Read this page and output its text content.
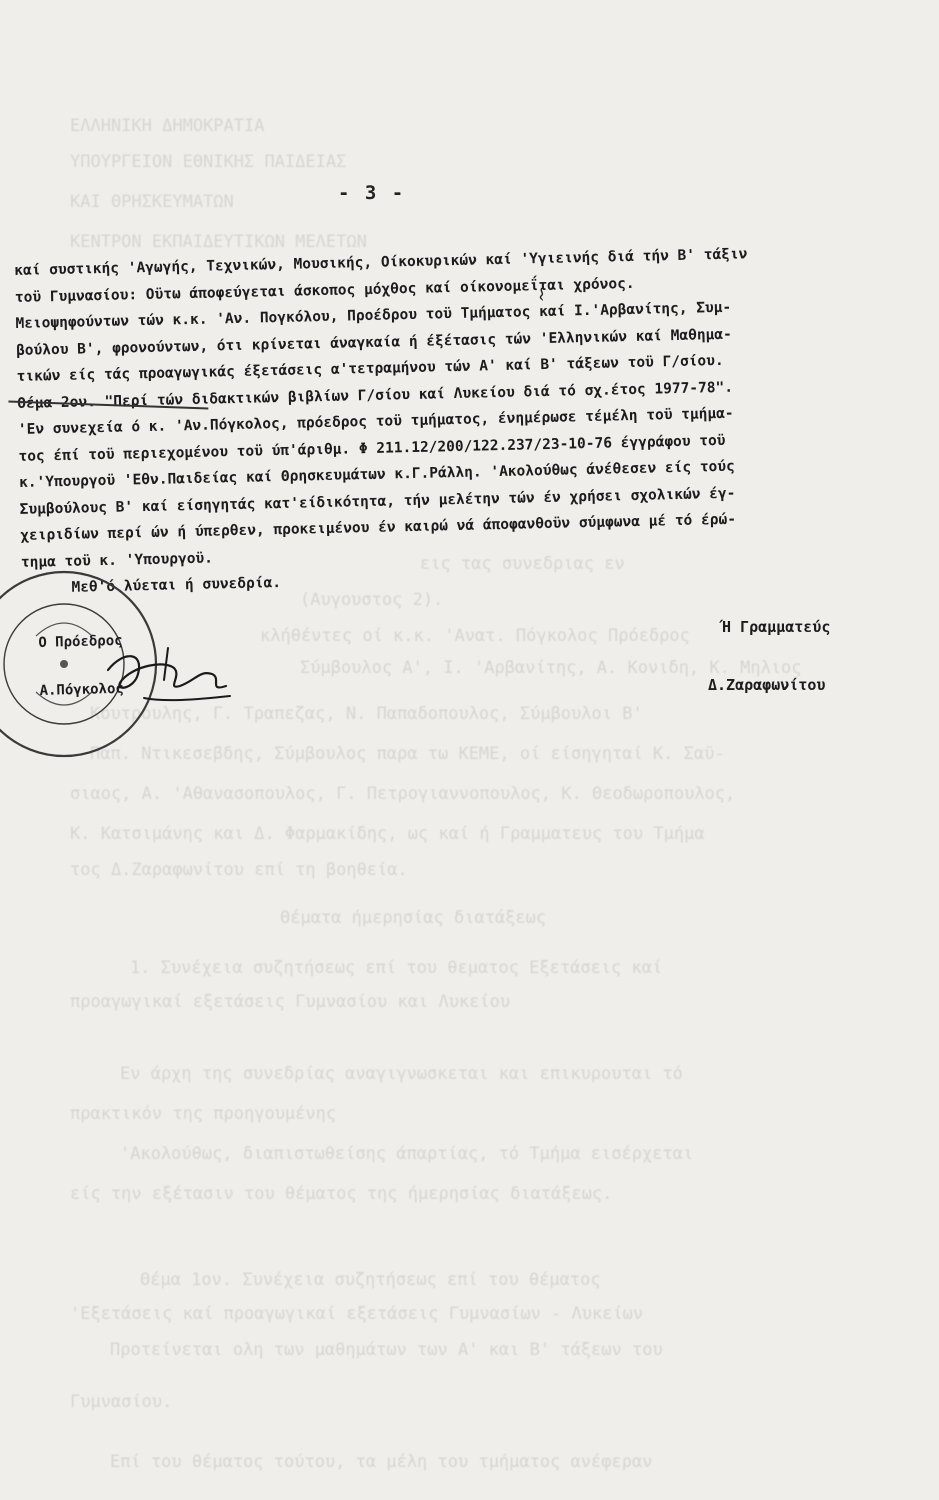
ΕΛΛΗΝΙΚΗ ΔΗΜΟΚΡΑΤΙΑ
ΥΠΟΥΡΓΕΙΟΝ ΕΘΝΙΚΗΣ ΠΑΙΔΕΙΑΣ
ΚΑΙ ΘΡΗΣΚΕΥΜΑΤΩΝ
ΚΕΝΤΡΟΝ ΕΚΠΑΙΔΕΥΤΙΚΩΝ ΜΕΛΕΤΩΝ
εις τας συνεδριας εν
(Αυγουστος 2).
κλήθέντες οί κ.κ. 'Ανατ. Πόγκολος Πρόεδρος
Σύμβουλος Α', Ι. 'Αρβανίτης, Α. Κονιδη, Κ. Μηλιος
Κουτρουλης, Γ. Τραπεζας, Ν. Παπαδοπουλος, Σύμβουλοι Β'
Παπ. Ντικεσεβδης, Σύμβουλος παρα τω ΚΕΜΕ, οί είσηγηταί Κ. Σαϋ-
σιαος, Α. 'Αθανασοπουλος, Γ. Πετρογιαννοπουλος, Κ. Θεοδωροπουλος,
Κ. Κατσιμάνης και Δ. Φαρμακίδης, ως καί ή Γραμματευς του Τμήμα
τος Δ.Ζαραφωνίτου επί τη βοηθεία.
Θέματα ήμερησίας διατάξεως
1. Συνέχεια συζητήσεως επί του θεματος Εξετάσεις καί
προαγωγικαί εξετάσεις Γυμνασίου και Λυκείου
Εν άρχη της συνεδρίας αναγιγνωσκεται και επικυρουται τό
πρακτικόν της προηγουμένης
'Ακολούθως, διαπιστωθείσης άπαρτίας, τό Τμήμα εισέρχεται
είς την εξέτασιν του θέματος της ήμερησίας διατάξεως.
Θέμα 1ον. Συνέχεια συζητήσεως επί του θέματος
'Εξετάσεις καί προαγωγικαί εξετάσεις Γυμνασίων - Λυκείων
Προτείνεται ολη των μαθημάτων των Α' και Β' τάξεων του
Γυμνασίου.
Επί του θέματος τούτου, τα μέλη του τμήματος ανέφεραν
- 3 -
καί συστικής 'Αγωγής, Τεχνικών, Μουσικής, Οίκοκυρικών καί 'Υγιεινής διά τήν Β' τάξιν
τοϋ Γυμνασίου: Οϋτω άποφεύγεται άσκοπος μόχθος καί οίκονομεΐται χρόνος.
Μειοψηφούντων τών κ.κ. 'Αν. Πογκόλου, Προέδρου τοϋ Τμήματος καί Ι.'Αρβανίτης, Συμ-
βούλου Β', φρονούντων, ότι κρίνεται άναγκαία ή έξέτασις τών 'Ελληνικών καί Μαθημα-
τικών είς τάς προαγωγικάς έξετάσεις α'τετραμήνου τών Α' καί Β' τάξεων τοϋ Γ/σίου.
Θέμα 2ον. "Περί τών διδακτικών βιβλίων Γ/σίου καί Λυκείου διά τό σχ.έτος 1977-78".
'Εν συνεχεία ό κ. 'Αν.Πόγκολος, πρόεδρος τοϋ τμήματος, ένημέρωσε τέμέλη τοϋ τμήμα-
τος έπί τοϋ περιεχομένου τοϋ ύπ'άριθμ. Φ 211.12/200/122.237/23-10-76 έγγράφου τοϋ
κ.'Υπουργοϋ 'Εθν.Παιδείας καί Θρησκευμάτων κ.Γ.Ράλλη. 'Ακολούθως άνέθεσεν είς τούς
Συμβούλους Β' καί είσηγητάς κατ'είδικότητα, τήν μελέτην τών έν χρήσει σχολικών έγ-
χειριδίων περί ών ή ύπερθεν, προκειμένου έν καιρώ νά άποφανθοϋν σύμφωνα μέ τό έρώ-
τημα τοϋ κ. 'Υπουργοϋ.
Μεθ'ό λύεται ή συνεδρία.
Ή Γραμματεύς
Δ.Ζαραφωνίτου
Ο Πρόεδρος
Α.Πόγκολος
